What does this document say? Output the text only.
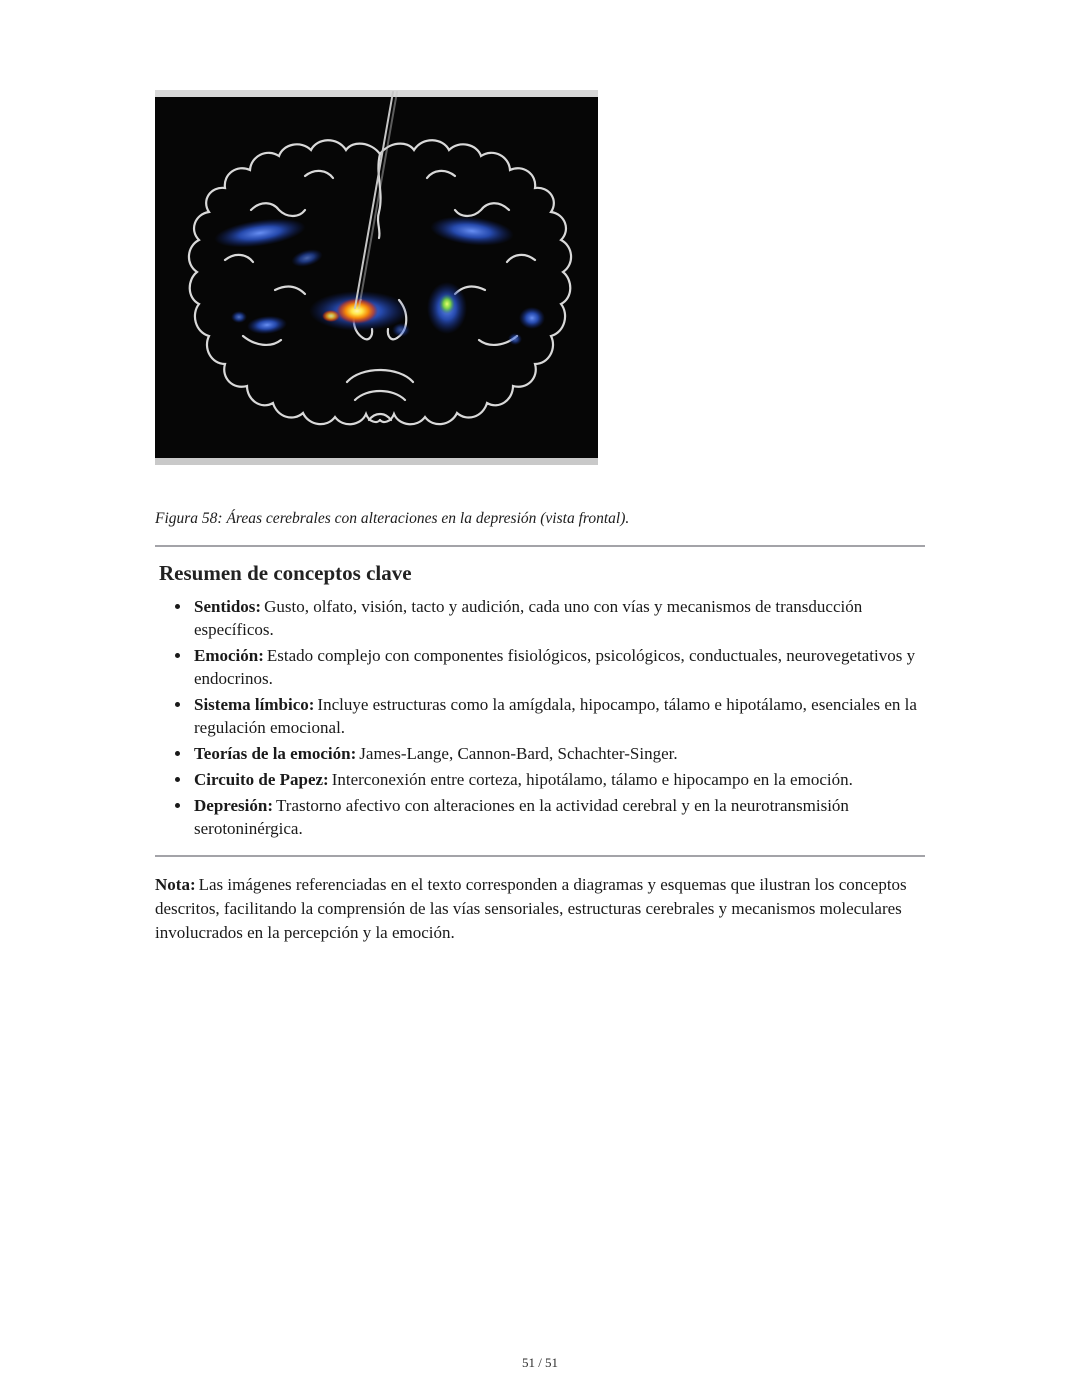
Figura 58: Áreas cerebrales con alteraciones en la depresión (vista frontal).
Resumen de conceptos clave
• Sentidos: Gusto, olfato, visión, tacto y audición, cada uno con vías y mecanismos de transducción específicos.
• Emoción: Estado complejo con componentes fisiológicos, psicológicos, conductuales, neurovegetativos y endocrinos.
• Sistema límbico: Incluye estructuras como la amígdala, hipocampo, tálamo e hipotálamo, esenciales en la regulación emocional.
• Teorías de la emoción: James-Lange, Cannon-Bard, Schachter-Singer.
• Circuito de Papez: Interconexión entre corteza, hipotálamo, tálamo e hipocampo en la emoción.
• Depresión: Trastorno afectivo con alteraciones en la actividad cerebral y en la neurotransmisión serotoninérgica.

Nota: Las imágenes referenciadas en el texto corresponden a diagramas y esquemas que ilustran los conceptos descritos, facilitando la comprensión de las vías sensoriales, estructuras cerebrales y mecanismos moleculares involucrados en la percepción y la emoción.

51 / 51
